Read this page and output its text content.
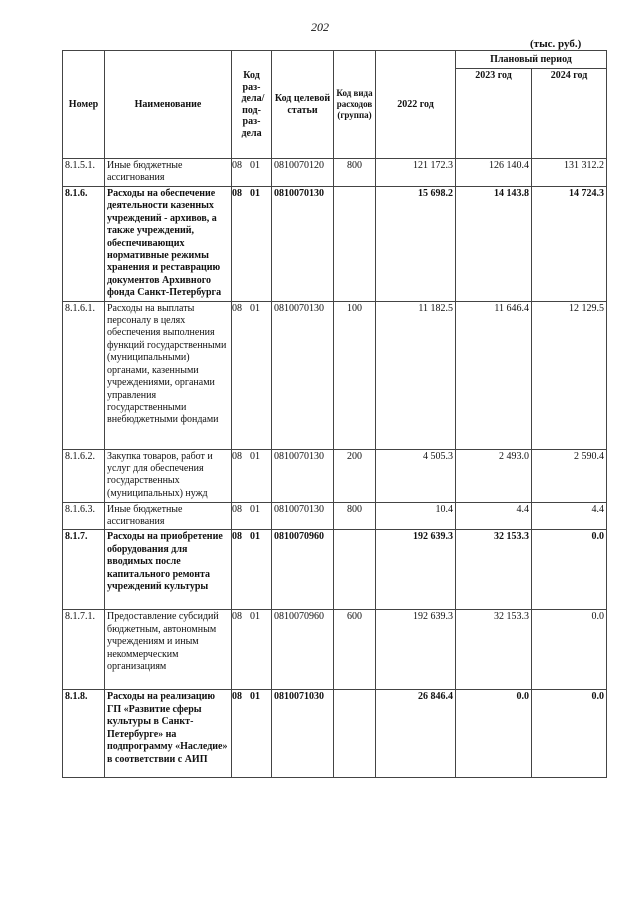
202
(тыс. руб.)
Номер	Наименование	Код раз-дела/ под-раз-дела	Код целевой статьи	Код вида расходов (группа)	2022 год	Плановый период	
						2023 год	2024 год
8.1.5.1.	Иные бюджетные ассигнования	08 01	0810070120	800	121 172.3	126 140.4	131 312.2
8.1.6.	Расходы на обеспечение деятельности казенных учреждений - архивов, а также учреждений, обеспечивающих нормативные режимы хранения и реставрацию документов Архивного фонда Санкт-Петербурга	08 01	0810070130		15 698.2	14 143.8	14 724.3
8.1.6.1.	Расходы на выплаты персоналу в целях обеспечения выполнения функций государственными (муниципальными) органами, казенными учреждениями, органами управления государственными внебюджетными фондами	08 01	0810070130	100	11 182.5	11 646.4	12 129.5
8.1.6.2.	Закупка товаров, работ и услуг для обеспечения государственных (муниципальных) нужд	08 01	0810070130	200	4 505.3	2 493.0	2 590.4
8.1.6.3.	Иные бюджетные ассигнования	08 01	0810070130	800	10.4	4.4	4.4
8.1.7.	Расходы на приобретение оборудования для вводимых после капитального ремонта учреждений культуры	08 01	0810070960		192 639.3	32 153.3	0.0
8.1.7.1.	Предоставление субсидий бюджетным, автономным учреждениям и иным некоммерческим организациям	08 01	0810070960	600	192 639.3	32 153.3	0.0
8.1.8.	Расходы на реализацию ГП «Развитие сферы культуры в Санкт-Петербурге» на подпрограмму «Наследие» в соответствии с АИП	08 01	0810071030		26 846.4	0.0	0.0
